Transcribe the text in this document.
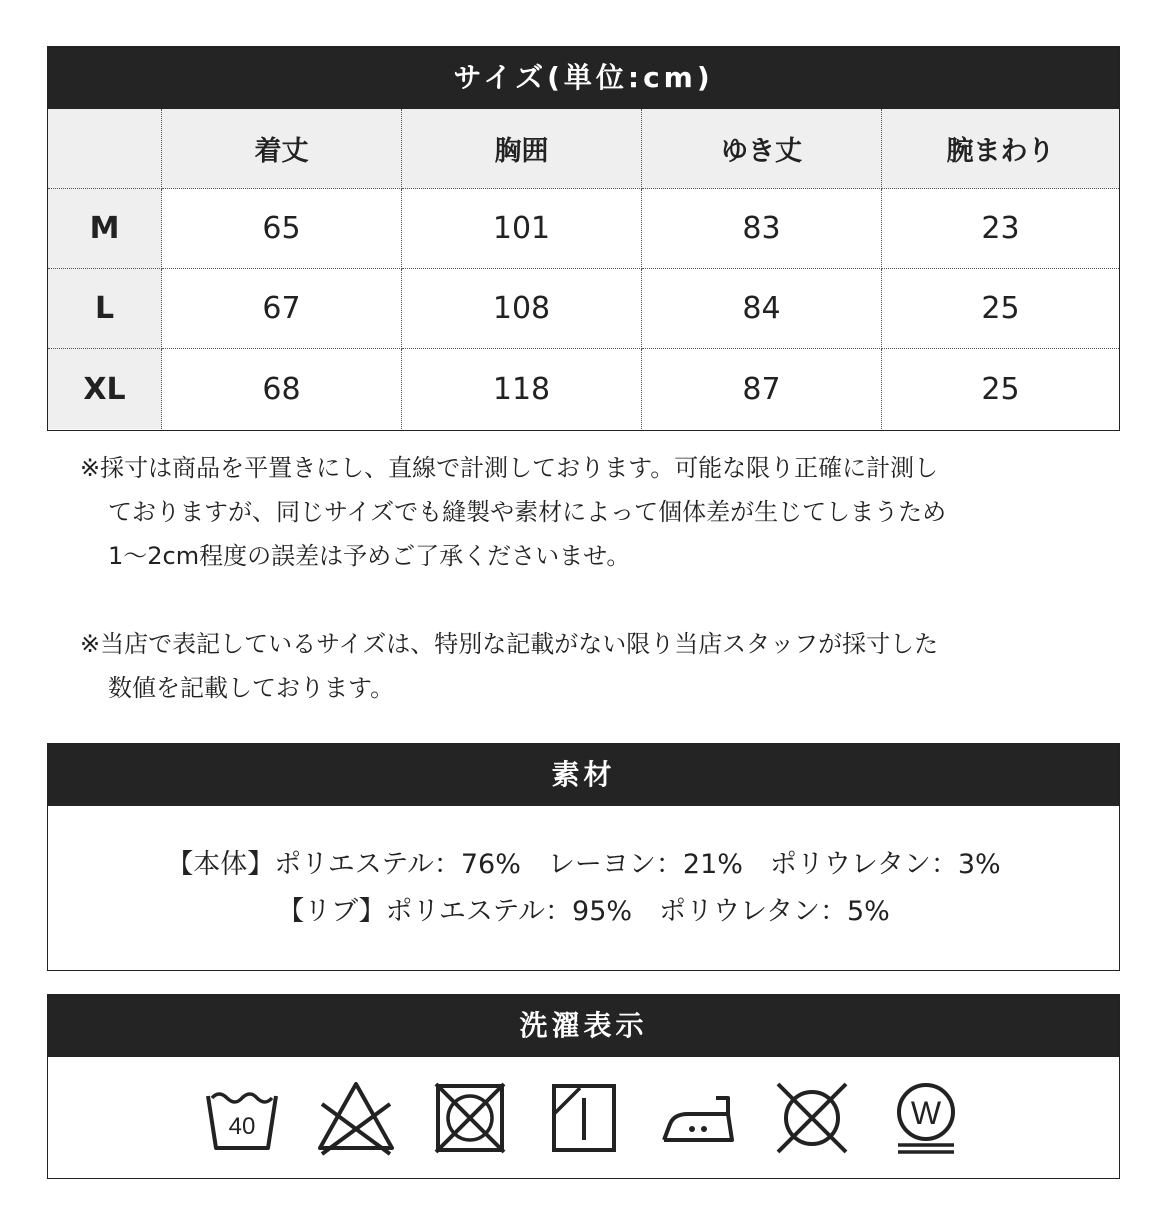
サイズ(単位:cm)
着丈	胸囲	ゆき丈	腕まわり
M	65	101	83	23
L	67	108	84	25
XL	68	118	87	25
※採寸は商品を平置きにし、直線で計測しております。可能な限り正確に計測し
ておりますが、同じサイズでも縫製や素材によって個体差が生じてしまうため
1～2cm程度の誤差は予めご了承くださいませ。
※当店で表記しているサイズは、特別な記載がない限り当店スタッフが採寸した
数値を記載しております。
素材
【本体】ポリエステル：76%　レーヨン：21%　ポリウレタン：3%
【リブ】ポリエステル：95%　ポリウレタン：5%
洗濯表示
40	W
